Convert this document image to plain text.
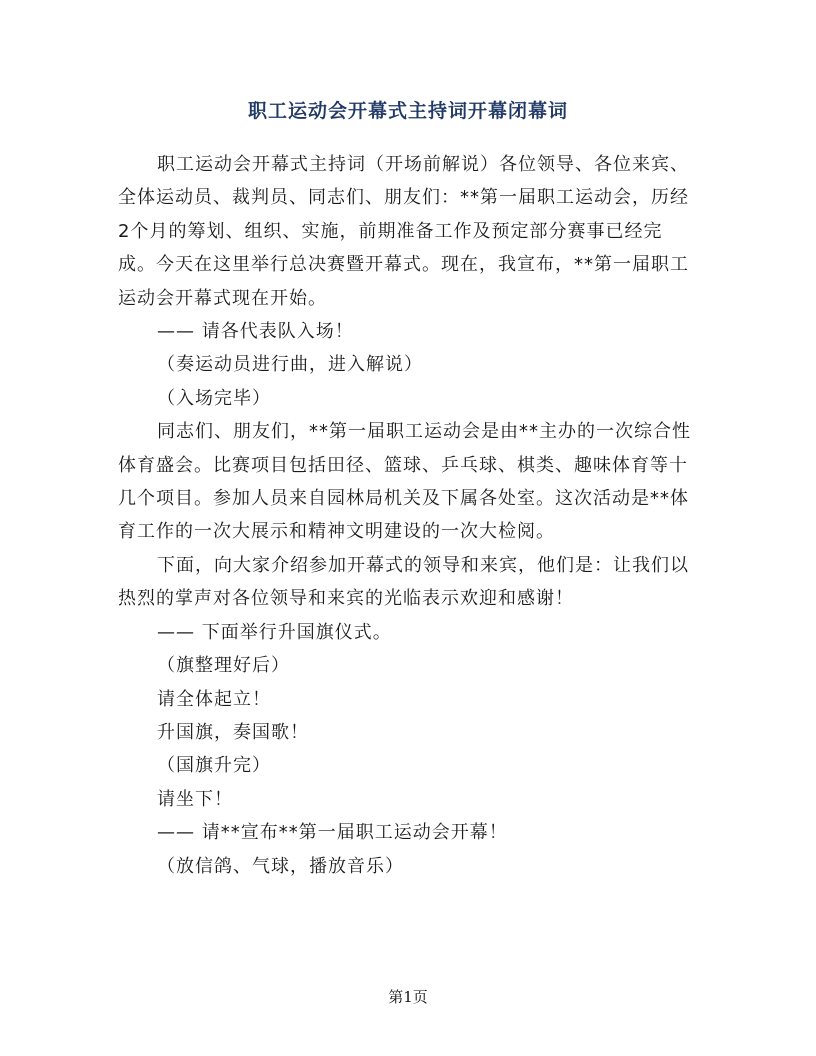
职工运动会开幕式主持词开幕闭幕词

职工运动会开幕式主持词（开场前解说）各位领导、各位来宾、全体运动员、裁判员、同志们、朋友们：**第一届职工运动会，历经2个月的筹划、组织、实施，前期准备工作及预定部分赛事已经完成。今天在这里举行总决赛暨开幕式。现在，我宣布，**第一届职工运动会开幕式现在开始。

—— 请各代表队入场！

（奏运动员进行曲，进入解说）

（入场完毕）

同志们、朋友们，**第一届职工运动会是由**主办的一次综合性体育盛会。比赛项目包括田径、篮球、乒乓球、棋类、趣味体育等十几个项目。参加人员来自园林局机关及下属各处室。这次活动是**体育工作的一次大展示和精神文明建设的一次大检阅。

下面，向大家介绍参加开幕式的领导和来宾，他们是：让我们以热烈的掌声对各位领导和来宾的光临表示欢迎和感谢！

—— 下面举行升国旗仪式。

（旗整理好后）

请全体起立！

升国旗，奏国歌！

（国旗升完）

请坐下！

—— 请**宣布**第一届职工运动会开幕！

（放信鸽、气球，播放音乐）

第1页
